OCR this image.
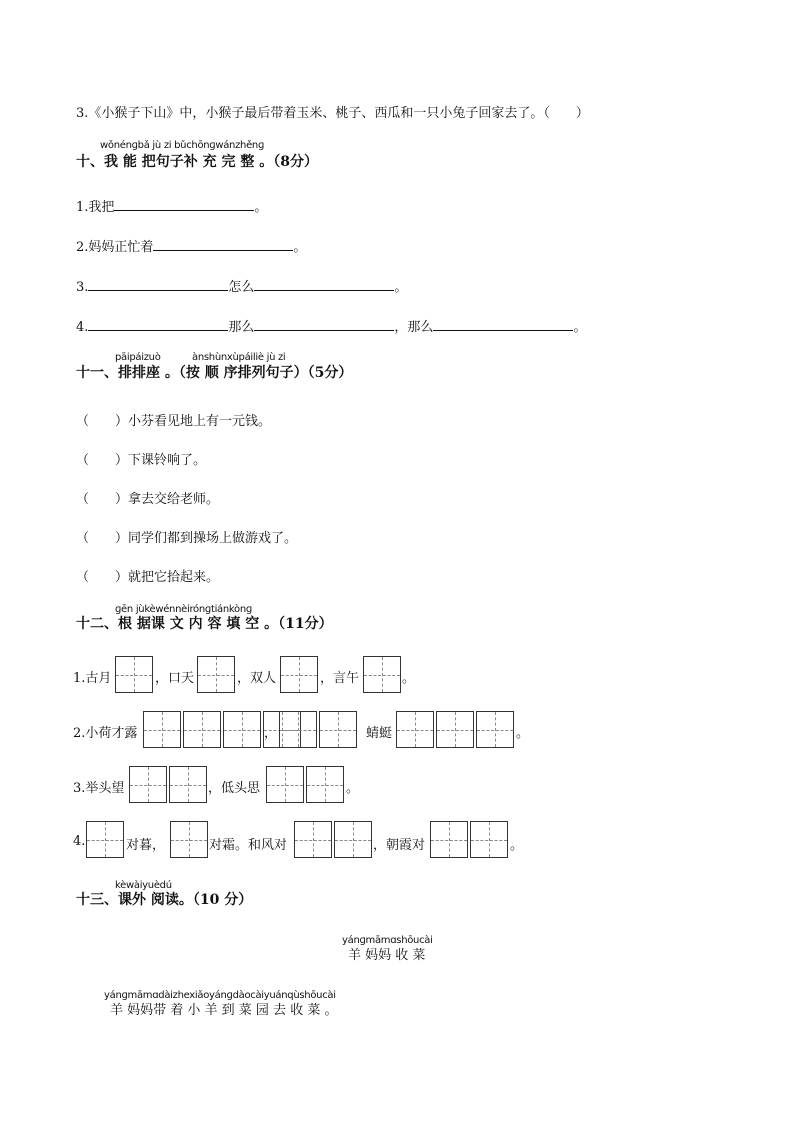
3.《小猴子下山》中，小猴子最后带着玉米、桃子、西瓜和一只小兔子回家去了。（　　）
wǒnénɡbǎ jù zi bǔchōnɡwánzhěnɡ
十、我 能 把句子补 充 完 整 。（8分）
1.我把	。
2.妈妈正忙着	。
3.	怎么	。
4.	那么	，那么	。
pāipáizuò	ànshùnxùpáiliè jù zi
十一、排排座 。（按 顺 序排列句子）（5分）
（　　）小芬看见地上有一元钱。
（　　）下课铃响了。
（　　）拿去交给老师。
（　　）同学们都到操场上做游戏了。
（　　）就把它拾起来。
ɡēn jùkèwénnèirónɡtiánkònɡ
十二、根 据课 文 内 容 填 空 。（11分）
1.古月	，口天	，双人	，言午	。
2.小荷才露	，	蜻蜓	。
3.举头望	，低头思	。
4.	对暮，	对霜。和风对	，朝霞对	。
kèwàiyuèdú
十三、课外 阅读。（10 分）
yánɡmāmɑshōucài
羊 妈妈 收 菜
yánɡmāmɑdàizhexiǎoyánɡdàocàiyuánqùshōucài
羊 妈妈带 着 小 羊 到 菜 园 去 收 菜 。
